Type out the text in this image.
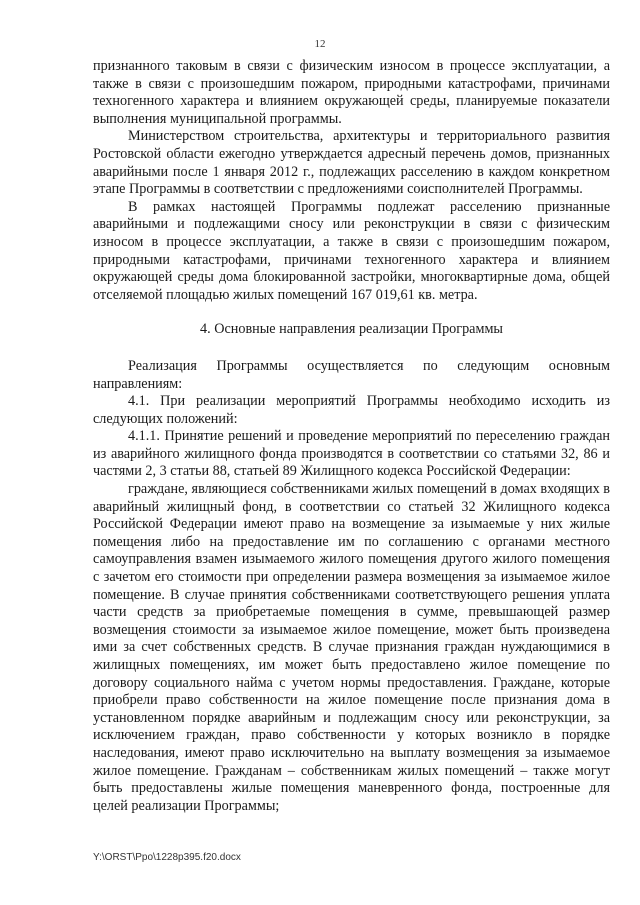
12

признанного таковым в связи с физическим износом в процессе эксплуатации, а также в связи с произошедшим пожаром, природными катастрофами, причинами техногенного характера и влиянием окружающей среды, планируемые показатели выполнения муниципальной программы.

Министерством строительства, архитектуры и территориального развития Ростовской области ежегодно утверждается адресный перечень домов, признанных аварийными после 1 января 2012 г., подлежащих расселению в каждом конкретном этапе Программы в соответствии с предложениями соисполнителей Программы.

В рамках настоящей Программы подлежат расселению признанные аварийными и подлежащими сносу или реконструкции в связи с физическим износом в процессе эксплуатации, а также в связи с произошедшим пожаром, природными катастрофами, причинами техногенного характера и влиянием окружающей среды дома блокированной застройки, многоквартирные дома, общей отселяемой площадью жилых помещений 167 019,61 кв. метра.

4. Основные направления реализации Программы

Реализация Программы осуществляется по следующим основным направлениям:

4.1. При реализации мероприятий Программы необходимо исходить из следующих положений:

4.1.1. Принятие решений и проведение мероприятий по переселению граждан из аварийного жилищного фонда производятся в соответствии со статьями 32, 86 и частями 2, 3 статьи 88, статьей 89 Жилищного кодекса Российской Федерации:

граждане, являющиеся собственниками жилых помещений в домах входящих в аварийный жилищный фонд, в соответствии со статьей 32 Жилищного кодекса Российской Федерации имеют право на возмещение за изымаемые у них жилые помещения либо на предоставление им по соглашению с органами местного самоуправления взамен изымаемого жилого помещения другого жилого помещения с зачетом его стоимости при определении размера возмещения за изымаемое жилое помещение. В случае принятия собственниками соответствующего решения уплата части средств за приобретаемые помещения в сумме, превышающей размер возмещения стоимости за изымаемое жилое помещение, может быть произведена ими за счет собственных средств. В случае признания граждан нуждающимися в жилищных помещениях, им может быть предоставлено жилое помещение по договору социального найма с учетом нормы предоставления. Граждане, которые приобрели право собственности на жилое помещение после признания дома в установленном порядке аварийным и подлежащим сносу или реконструкции, за исключением граждан, право собственности у которых возникло в порядке наследования, имеют право исключительно на выплату возмещения за изымаемое жилое помещение. Гражданам – собственникам жилых помещений – также могут быть предоставлены жилые помещения маневренного фонда, построенные для целей реализации Программы;

Y:\ORST\Ppo\1228p395.f20.docx
